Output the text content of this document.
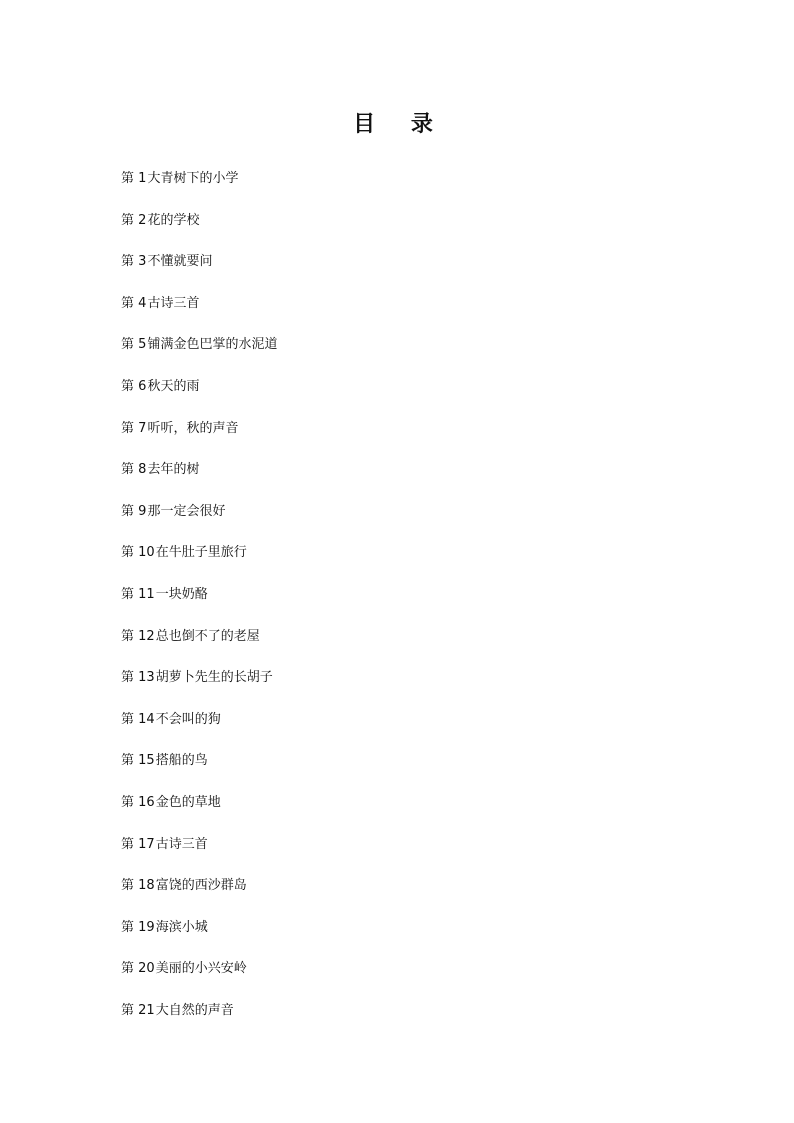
目 录
第 1大青树下的小学
第 2花的学校
第 3不懂就要问
第 4古诗三首
第 5铺满金色巴掌的水泥道
第 6秋天的雨
第 7听听，秋的声音
第 8去年的树
第 9那一定会很好
第 10在牛肚子里旅行
第 11一块奶酪
第 12总也倒不了的老屋
第 13胡萝卜先生的长胡子
第 14不会叫的狗
第 15搭船的鸟
第 16金色的草地
第 17古诗三首
第 18富饶的西沙群岛
第 19海滨小城
第 20美丽的小兴安岭
第 21大自然的声音
